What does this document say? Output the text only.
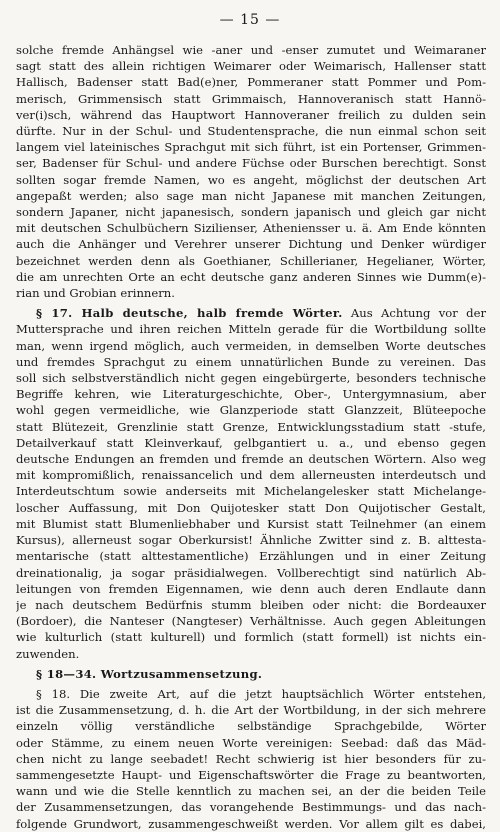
— 15 —
solche fremde Anhängsel wie -aner und -enser zumutet und Weimaraner
sagt statt des allein richtigen Weimarer oder Weimarisch, Hallenser statt
Hallisch, Badenser statt Bad(e)ner, Pommeraner statt Pommer und Pom-
merisch, Grimmensisch statt Grimmaisch, Hannoveranisch statt Hannö-
ver(i)sch, während das Hauptwort Hannoveraner freilich zu dulden sein
dürfte. Nur in der Schul- und Studentensprache, die nun einmal schon seit
langem viel lateinisches Sprachgut mit sich führt, ist ein Portenser, Grimmen-
ser, Badenser für Schul- und andere Füchse oder Burschen berechtigt. Sonst
sollten sogar fremde Namen, wo es angeht, möglichst der deutschen Art
angepaßt werden; also sage man nicht Japanese mit manchen Zeitungen,
sondern Japaner, nicht japanesisch, sondern japanisch und gleich gar nicht
mit deutschen Schulbüchern Sizilienser, Atheniensser u. ä. Am Ende könnten
auch die Anhänger und Verehrer unserer Dichtung und Denker würdiger
bezeichnet werden denn als Goethianer, Schillerianer, Hegelianer, Wörter,
die am unrechten Orte an echt deutsche ganz anderen Sinnes wie Dumm(e)-
rian und Grobian erinnern.
§ 17. Halb deutsche, halb fremde Wörter. Aus Achtung vor der
Muttersprache und ihren reichen Mitteln gerade für die Wortbildung sollte
man, wenn irgend möglich, auch vermeiden, in demselben Worte deutsches
und fremdes Sprachgut zu einem unnatürlichen Bunde zu vereinen. Das
soll sich selbstverständlich nicht gegen eingebürgerte, besonders technische
Begriffe kehren, wie Literaturgeschichte, Ober-, Untergymnasium, aber
wohl gegen vermeidliche, wie Glanzperiode statt Glanzzeit, Blüteepoche
statt Blütezeit, Grenzlinie statt Grenze, Entwicklungsstadium statt -stufe,
Detailverkauf statt Kleinverkauf, gelbgantiert u. a., und ebenso gegen
deutsche Endungen an fremden und fremde an deutschen Wörtern. Also weg
mit kompromißlich, renaissancelich und dem allerneusten interdeutsch und
Interdeutschtum sowie anderseits mit Michelangelesker statt Michelange-
loscher Auffassung, mit Don Quijotesker statt Don Quijotischer Gestalt,
mit Blumist statt Blumenliebhaber und Kursist statt Teilnehmer (an einem
Kursus), allerneust sogar Oberkursist! Ähnliche Zwitter sind z. B. alttesta-
mentarische (statt alttestamentliche) Erzählungen und in einer Zeitung
dreinationalig, ja sogar präsidialwegen. Vollberechtigt sind natürlich Ab-
leitungen von fremden Eigennamen, wie denn auch deren Endlaute dann
je nach deutschem Bedürfnis stumm bleiben oder nicht: die Bordeauxer
(Bordoer), die Nanteser (Nangteser) Verhältnisse. Auch gegen Ableitungen
wie kulturlich (statt kulturell) und formlich (statt formell) ist nichts ein-
zuwenden.
§ 18—34. Wortzusammensetzung.
§ 18. Die zweite Art, auf die jetzt hauptsächlich Wörter entstehen,
ist die Zusammensetzung, d. h. die Art der Wortbildung, in der sich mehrere
einzeln völlig verständliche selbständige Sprachgebilde, Wörter
oder Stämme, zu einem neuen Worte vereinigen: Seebad: daß das Mäd-
chen nicht zu lange seebadet! Recht schwierig ist hier besonders für zu-
sammengesetzte Haupt- und Eigenschaftswörter die Frage zu beantworten,
wann und wie die Stelle kenntlich zu machen sei, an der die beiden Teile
der Zusammensetzungen, das vorangehende Bestimmungs- und das nach-
folgende Grundwort, zusammengeschweißt werden. Vor allem gilt es dabei,
